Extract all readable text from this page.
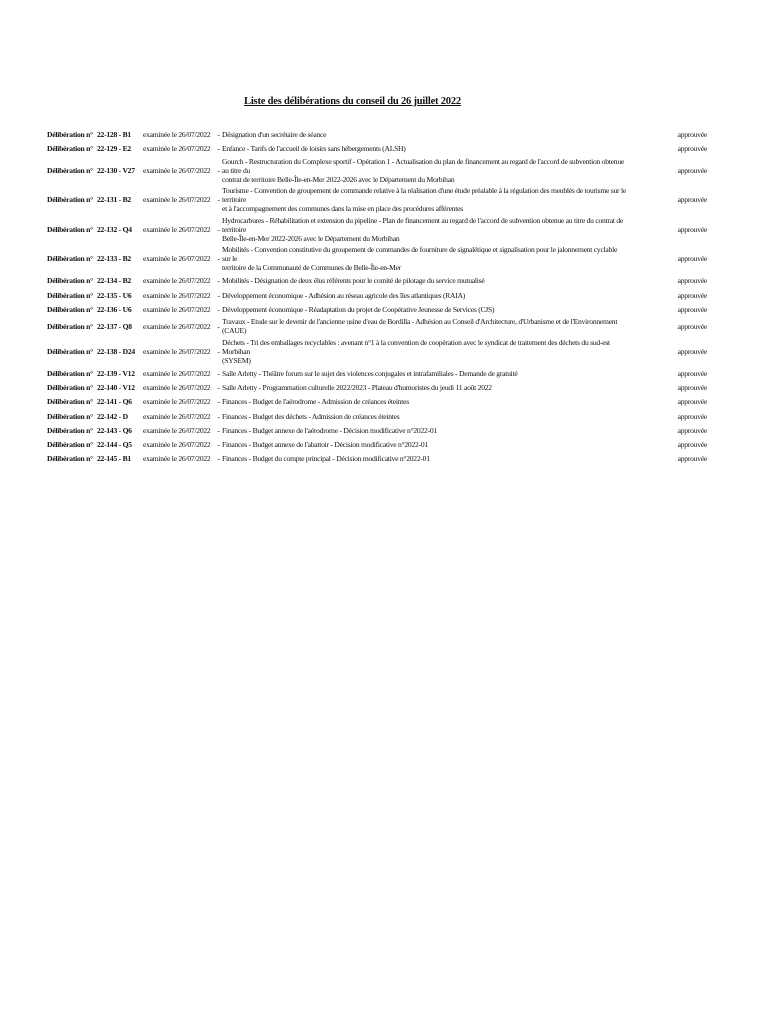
Liste des délibérations du conseil du 26 juillet 2022
Délibération n° 22-128 - B1	examinée le 26/07/2022 - Désignation d'un secrétaire de séance	approuvée
Délibération n° 22-129 - E2	examinée le 26/07/2022 - Enfance - Tarifs de l'accueil de loisirs sans hébergements (ALSH)	approuvée
Délibération n° 22-130 - V27	examinée le 26/07/2022 -
Gourch - Restructuration du Complexe sportif - Opération 1 - Actualisation du plan de financement au regard de l'accord de subvention obtenue au titre du
contrat de territoire Belle-Île-en-Mer 2022-2026 avec le Département du Morbihan
approuvée
Délibération n° 22-131 - B2	examinée le 26/07/2022 -
Tourisme - Convention de groupement de commande relative à la réalisation d'une étude préalable à la régulation des meublés de tourisme sur le territoire
et à l'accompagnement des communes dans la mise en place des procédures afférentes
approuvée
Délibération n° 22-132 - Q4	examinée le 26/07/2022 -
Hydrocarbures - Réhabilitation et extension du pipeline - Plan de financement au regard de l'accord de subvention obtenue au titre du contrat de territoire
Belle-Île-en-Mer 2022-2026 avec le Département du Morbihan
approuvée
Délibération n° 22-133 - B2	examinée le 26/07/2022 -
Mobilités - Convention constitutive du groupement de commandes de fourniture de signalétique et signalisation pour le jalonnement cyclable sur le
territoire de la Communauté de Communes de Belle-Île-en-Mer
approuvée
Délibération n° 22-134 - B2	examinée le 26/07/2022 - Mobilités - Désignation de deux élus référents pour le comité de pilotage du service mutualisé	approuvée
Délibération n° 22-135 - U6	examinée le 26/07/2022 - Développement économique - Adhésion au réseau agricole des îles atlantiques (RAIA)	approuvée
Délibération n° 22-136 - U6	examinée le 26/07/2022 - Développement économique - Réadaptation du projet de Coopérative Jeunesse de Services (CJS)	approuvée
Délibération n° 22-137 - Q8	examinée le 26/07/2022 - Travaux - Etude sur le devenir de l'ancienne usine d'eau de Bordilla - Adhésion au Conseil d'Architecture, d'Urbanisme et de l'Environnement (CAUE)	approuvée
Délibération n° 22-138 - D24	examinée le 26/07/2022 -
Déchets - Tri des emballages recyclables : avenant n°1 à la convention de coopération avec le syndicat de traitement des déchets du sud-est Morbihan
(SYSEM)
approuvée
Délibération n° 22-139 - V12	examinée le 26/07/2022 - Salle Arletty - Théâtre forum sur le sujet des violences conjugales et intrafamiliales - Demande de gratuité	approuvée
Délibération n° 22-140 - V12	examinée le 26/07/2022 - Salle Arletty - Programmation culturelle 2022/2023 - Plateau d'humoristes du jeudi 11 août 2022	approuvée
Délibération n° 22-141 - Q6	examinée le 26/07/2022 - Finances - Budget de l'aérodrome - Admission de créances éteintes	approuvée
Délibération n° 22-142 - D	examinée le 26/07/2022 - Finances - Budget des déchets - Admission de créances éteintes	approuvée
Délibération n° 22-143 - Q6	examinée le 26/07/2022 - Finances - Budget annexe de l'aérodrome - Décision modificative n°2022-01	approuvée
Délibération n° 22-144 - Q5	examinée le 26/07/2022 - Finances - Budget annexe de l'abattoir - Décision modificative n°2022-01	approuvée
Délibération n° 22-145 - B1	examinée le 26/07/2022 - Finances - Budget du compte principal - Décision modificative n°2022-01	approuvée
